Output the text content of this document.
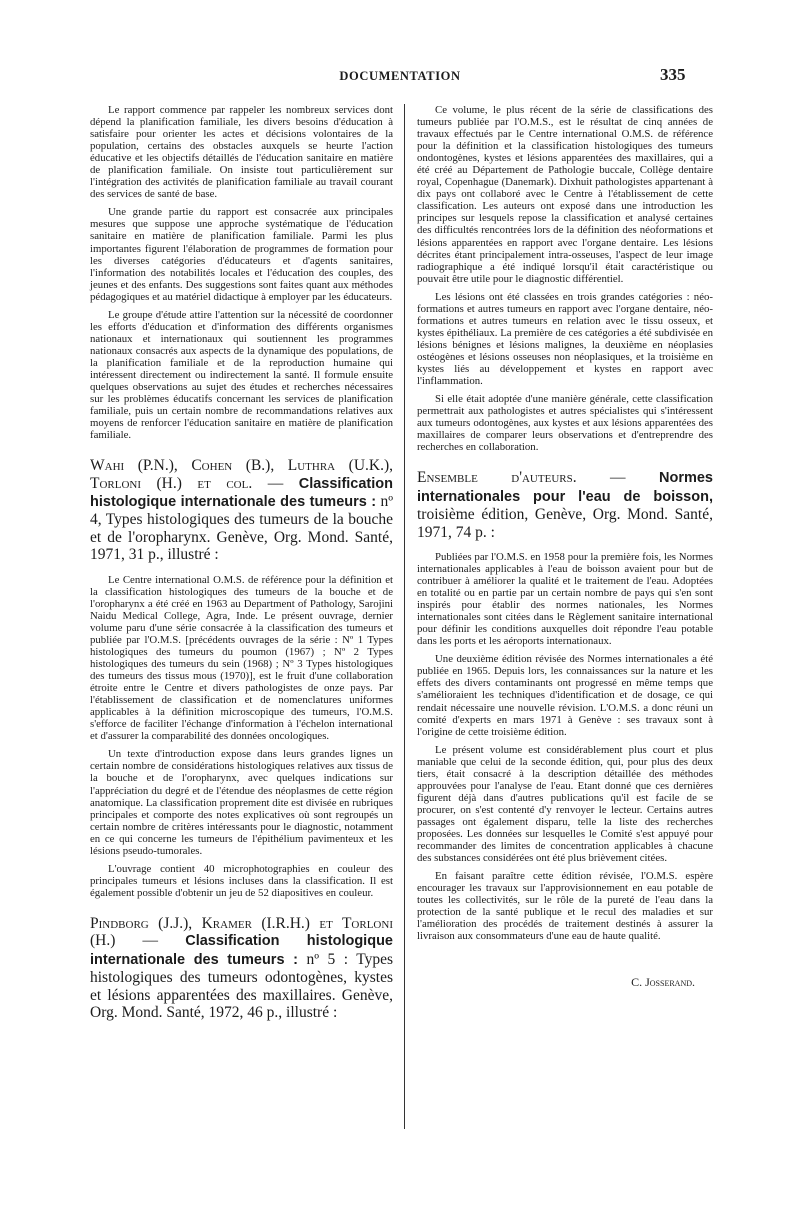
DOCUMENTATION	335

Le rapport commence par rappeler les nombreux services dont dépend la planification familiale, les divers besoins d'éducation à satisfaire pour orienter les actes et décisions volontaires de la population, certains des obstacles auxquels se heurte l'action éducative et les objectifs détaillés de l'éducation sanitaire en matière de planification familiale. On insiste tout particulièrement sur l'intégration des activités de planification familiale au travail courant des services de santé de base.

Une grande partie du rapport est consacrée aux principales mesures que suppose une approche systématique de l'éducation sanitaire en matière de planification familiale. Parmi les plus importantes figurent l'élaboration de programmes de formation pour les diverses catégories d'éducateurs et d'agents sanitaires, l'information des notabilités locales et l'éducation des couples, des jeunes et des enfants. Des suggestions sont faites quant aux méthodes pédagogiques et au matériel didactique à employer par les éducateurs.

Le groupe d'étude attire l'attention sur la nécessité de coordonner les efforts d'éducation et d'information des différents organismes nationaux et internationaux qui soutiennent les programmes nationaux consacrés aux aspects de la dynamique des populations, de la planification familiale et de la reproduction humaine qui intéressent directement ou indirectement la santé. Il formule ensuite quelques observations au sujet des études et recherches nécessaires sur les problèmes éducatifs concernant les services de planification familiale, puis un certain nombre de recommandations relatives aux moyens de renforcer l'éducation sanitaire en matière de planification familiale.

Wahi (P.N.), Cohen (B.), Luthra (U.K.), Torloni (H.) et col. — Classification histologique internationale des tumeurs : nº 4, Types histologiques des tumeurs de la bouche et de l'oropharynx. Genève, Org. Mond. Santé, 1971, 31 p., illustré :

Le Centre international O.M.S. de référence pour la définition et la classification histologiques des tumeurs de la bouche et de l'oropharynx a été créé en 1963 au Department of Pathology, Sarojini Naidu Medical College, Agra, Inde. Le présent ouvrage, dernier volume paru d'une série consacrée à la classification des tumeurs et publiée par l'O.M.S. [précédents ouvrages de la série : Nº 1 Types histologiques des tumeurs du poumon (1967) ; Nº 2 Types histologiques des tumeurs du sein (1968) ; Nº 3 Types histologiques des tumeurs des tissus mous (1970)], est le fruit d'une collaboration étroite entre le Centre et divers pathologistes de onze pays. Par l'établissement de classification et de nomenclatures uniformes applicables à la définition microscopique des tumeurs, l'O.M.S. s'efforce de faciliter l'échange d'information à l'échelon international et d'assurer la comparabilité des données oncologiques.

Un texte d'introduction expose dans leurs grandes lignes un certain nombre de considérations histologiques relatives aux tissus de la bouche et de l'oropharynx, avec quelques indications sur l'appréciation du degré et de l'étendue des néoplasmes de cette région anatomique. La classification proprement dite est divisée en rubriques principales et comporte des notes explicatives où sont regroupés un certain nombre de critères intéressants pour le diagnostic, notamment en ce qui concerne les tumeurs de l'épithélium pavimenteux et les lésions pseudo-tumorales.

L'ouvrage contient 40 microphotographies en couleur des principales tumeurs et lésions incluses dans la classification. Il est également possible d'obtenir un jeu de 52 diapositives en couleur.

Pindborg (J.J.), Kramer (I.R.H.) et Torloni (H.) — Classification histologique internationale des tumeurs : nº 5 : Types histologiques des tumeurs odontogènes, kystes et lésions apparentées des maxillaires. Genève, Org. Mond. Santé, 1972, 46 p., illustré :

Ce volume, le plus récent de la série de classifications des tumeurs publiée par l'O.M.S., est le résultat de cinq années de travaux effectués par le Centre international O.M.S. de référence pour la définition et la classification histologiques des tumeurs ondontogènes, kystes et lésions apparentées des maxillaires, qui a été créé au Département de Pathologie buccale, Collège dentaire royal, Copenhague (Danemark). Dixhuit pathologistes appartenant à dix pays ont collaboré avec le Centre à l'établissement de cette classification. Les auteurs ont exposé dans une introduction les principes sur lesquels repose la classification et analysé certaines des difficultés rencontrées lors de la définition des néoformations et lésions apparentées en rapport avec l'organe dentaire. Les lésions décrites étant principalement intra-osseuses, l'aspect de leur image radiographique a été indiqué lorsqu'il était caractéristique ou pouvait être utile pour le diagnostic différentiel.

Les lésions ont été classées en trois grandes catégories : néo-formations et autres tumeurs en rapport avec l'organe dentaire, néo-formations et autres tumeurs en relation avec le tissu osseux, et kystes épithéliaux. La première de ces catégories a été subdivisée en lésions bénignes et lésions malignes, la deuxième en néoplasies ostéogènes et lésions osseuses non néoplasiques, et la troisième en kystes liés au développement et kystes en rapport avec l'inflammation.

Si elle était adoptée d'une manière générale, cette classification permettrait aux pathologistes et autres spécialistes qui s'intéressent aux tumeurs odontogènes, aux kystes et aux lésions apparentées des maxillaires de comparer leurs observations et d'entreprendre des recherches en collaboration.

Ensemble d'auteurs. — Normes internationales pour l'eau de boisson, troisième édition, Genève, Org. Mond. Santé, 1971, 74 p. :

Publiées par l'O.M.S. en 1958 pour la première fois, les Normes internationales applicables à l'eau de boisson avaient pour but de contribuer à améliorer la qualité et le traitement de l'eau. Adoptées en totalité ou en partie par un certain nombre de pays qui s'en sont inspirés pour établir des normes nationales, les Normes internationales sont citées dans le Règlement sanitaire international pour définir les conditions auxquelles doit répondre l'eau potable dans les ports et les aéroports internationaux.

Une deuxième édition révisée des Normes internationales a été publiée en 1965. Depuis lors, les connaissances sur la nature et les effets des divers contaminants ont progressé en même temps que s'amélioraient les techniques d'identification et de dosage, ce qui rendait nécessaire une nouvelle révision. L'O.M.S. a donc réuni un comité d'experts en mars 1971 à Genève : ses travaux sont à l'origine de cette troisième édition.

Le présent volume est considérablement plus court et plus maniable que celui de la seconde édition, qui, pour plus des deux tiers, était consacré à la description détaillée des méthodes approuvées pour l'analyse de l'eau. Etant donné que ces dernières figurent déjà dans d'autres publications qu'il est facile de se procurer, on s'est contenté d'y renvoyer le lecteur. Certains autres passages ont également disparu, telle la liste des recherches proposées. Les données sur lesquelles le Comité s'est appuyé pour recommander des limites de concentration applicables à chacune des substances considérées ont été plus brièvement citées.

En faisant paraître cette édition révisée, l'O.M.S. espère encourager les travaux sur l'approvisionnement en eau potable de toutes les collectivités, sur le rôle de la pureté de l'eau dans la protection de la santé publique et le recul des maladies et sur l'amélioration des procédés de traitement destinés à assurer la livraison aux consommateurs d'une eau de haute qualité.

C. Josserand.
